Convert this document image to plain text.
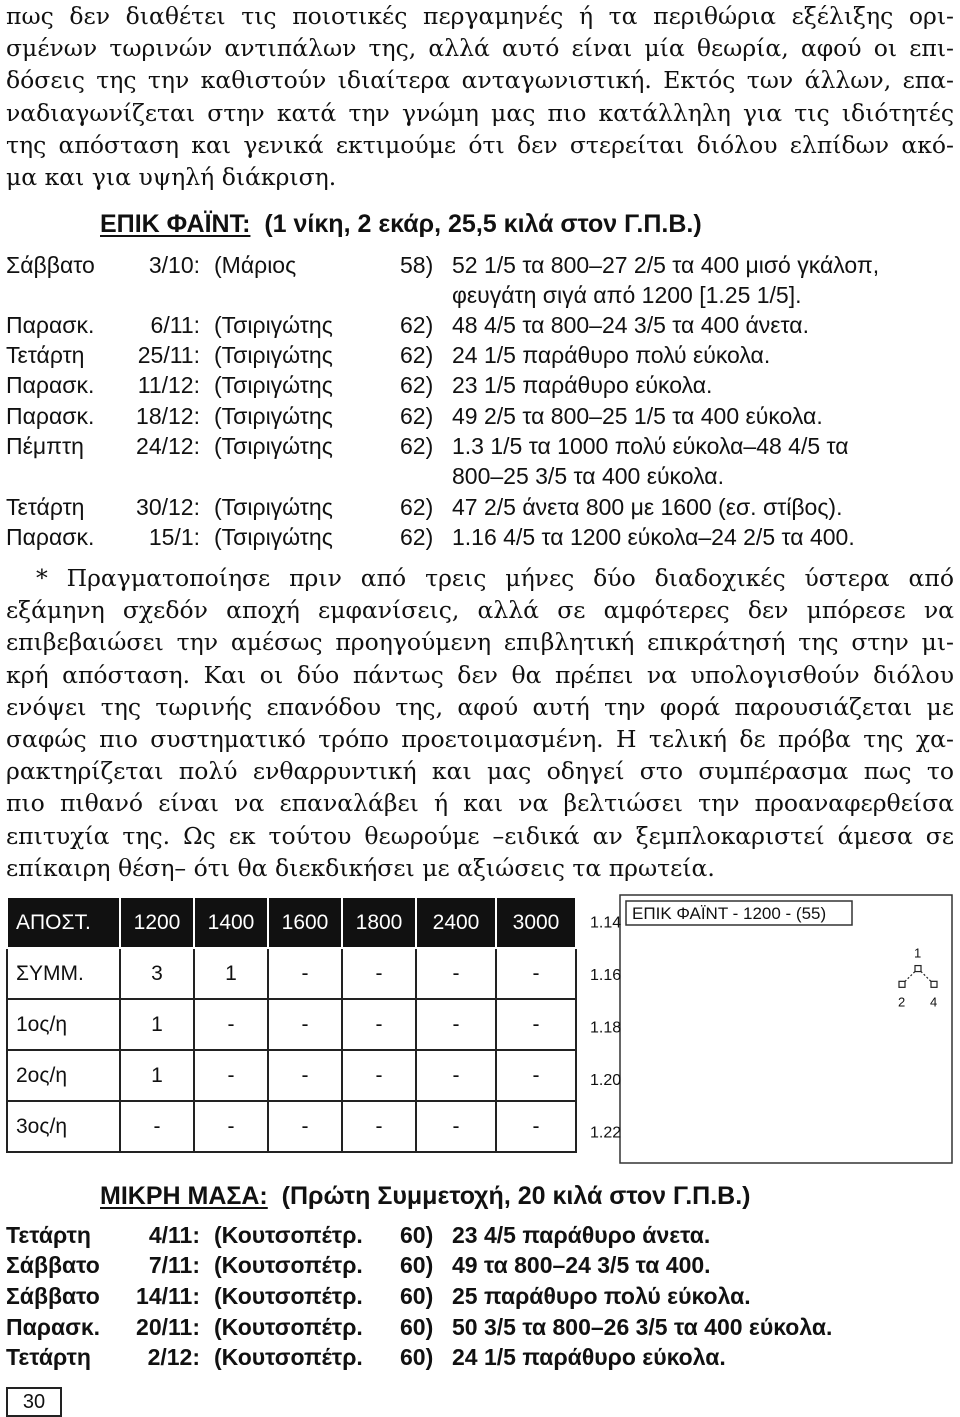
πως δεν διαθέτει τις ποιοτικές περγαμηνές ή τα περιθώρια εξέλιξης ορι-
σμένων τωρινών αντιπάλων της, αλλά αυτό είναι μία θεωρία, αφού οι επι-
δόσεις της την καθιστούν ιδιαίτερα ανταγωνιστική. Εκτός των άλλων, επα-
ναδιαγωνίζεται στην κατά την γνώμη μας πιο κατάλληλη για τις ιδιότητές
της απόσταση και γενικά εκτιμούμε ότι δεν στερείται διόλου ελπίδων ακό-
μα και για υψηλή διάκριση.
ΕΠΙΚ ΦΑΪΝΤ: (1 νίκη, 2 εκάρ, 25,5 κιλά στον Γ.Π.Β.)
Σάββατο	3/10: (Μάριος	58) 52 1/5 τα 800–27 2/5 τα 400 μισό γκάλοπ,
φευγάτη σιγά από 1200 [1.25 1/5].
Παρασκ.	6/11: (Τσιριγώτης	62) 48 4/5 τα 800–24 3/5 τα 400 άνετα.
Τετάρτη	25/11: (Τσιριγώτης	62) 24 1/5 παράθυρο πολύ εύκολα.
Παρασκ.	11/12: (Τσιριγώτης	62) 23 1/5 παράθυρο εύκολα.
Παρασκ.	18/12: (Τσιριγώτης	62) 49 2/5 τα 800–25 1/5 τα 400 εύκολα.
Πέμπτη	24/12: (Τσιριγώτης	62) 1.3 1/5 τα 1000 πολύ εύκολα–48 4/5 τα
800–25 3/5 τα 400 εύκολα.
Τετάρτη	30/12: (Τσιριγώτης	62) 47 2/5 άνετα 800 με 1600 (εσ. στίβος).
Παρασκ.	15/1: (Τσιριγώτης	62) 1.16 4/5 τα 1200 εύκολα–24 2/5 τα 400.
* Πραγματοποίησε πριν από τρεις μήνες δύο διαδοχικές ύστερα από
εξάμηνη σχεδόν αποχή εμφανίσεις, αλλά σε αμφότερες δεν μπόρεσε να
επιβεβαιώσει την αμέσως προηγούμενη επιβλητική επικράτησή της στην μι-
κρή απόσταση. Και οι δύο πάντως δεν θα πρέπει να υπολογισθούν διόλου
ενόψει της τωρινής επανόδου της, αφού αυτή την φορά παρουσιάζεται με
σαφώς πιο συστηματικό τρόπο προετοιμασμένη. Η τελική δε πρόβα της χα-
ρακτηρίζεται πολύ ενθαρρυντική και μας οδηγεί στο συμπέρασμα πως το
πιο πιθανό είναι να επαναλάβει ή και να βελτιώσει την προαναφερθείσα
επιτυχία της. Ως εκ τούτου θεωρούμε –ειδικά αν ξεμπλοκαριστεί άμεσα σε
επίκαιρη θέση– ότι θα διεκδικήσει με αξιώσεις τα πρωτεία.
ΑΠΟΣΤ.	1200	1400	1600	1800	2400	3000
ΣΥΜΜ.	3	1	-	-	-	-
1ος/η	1	-	-	-	-	-
2ος/η	1	-	-	-	-	-
3ος/η	-	-	-	-	-	-
ΕΠΙΚ ΦΑΪΝΤ - 1200 - (55)
1.14
1.16
1.18
1.20
1.22
2
1
4
ΜΙΚΡΗ ΜΑΣΑ: (Πρώτη Συμμετοχή, 20 κιλά στον Γ.Π.Β.)
Τετάρτη	4/11: (Κουτσοπέτρ. 60) 23 4/5 παράθυρο άνετα.
Σάββατο	7/11: (Κουτσοπέτρ. 60) 49 τα 800–24 3/5 τα 400.
Σάββατο	14/11: (Κουτσοπέτρ. 60) 25 παράθυρο πολύ εύκολα.
Παρασκ.	20/11: (Κουτσοπέτρ. 60) 50 3/5 τα 800–26 3/5 τα 400 εύκολα.
Τετάρτη	2/12: (Κουτσοπέτρ. 60) 24 1/5 παράθυρο εύκολα.
30
